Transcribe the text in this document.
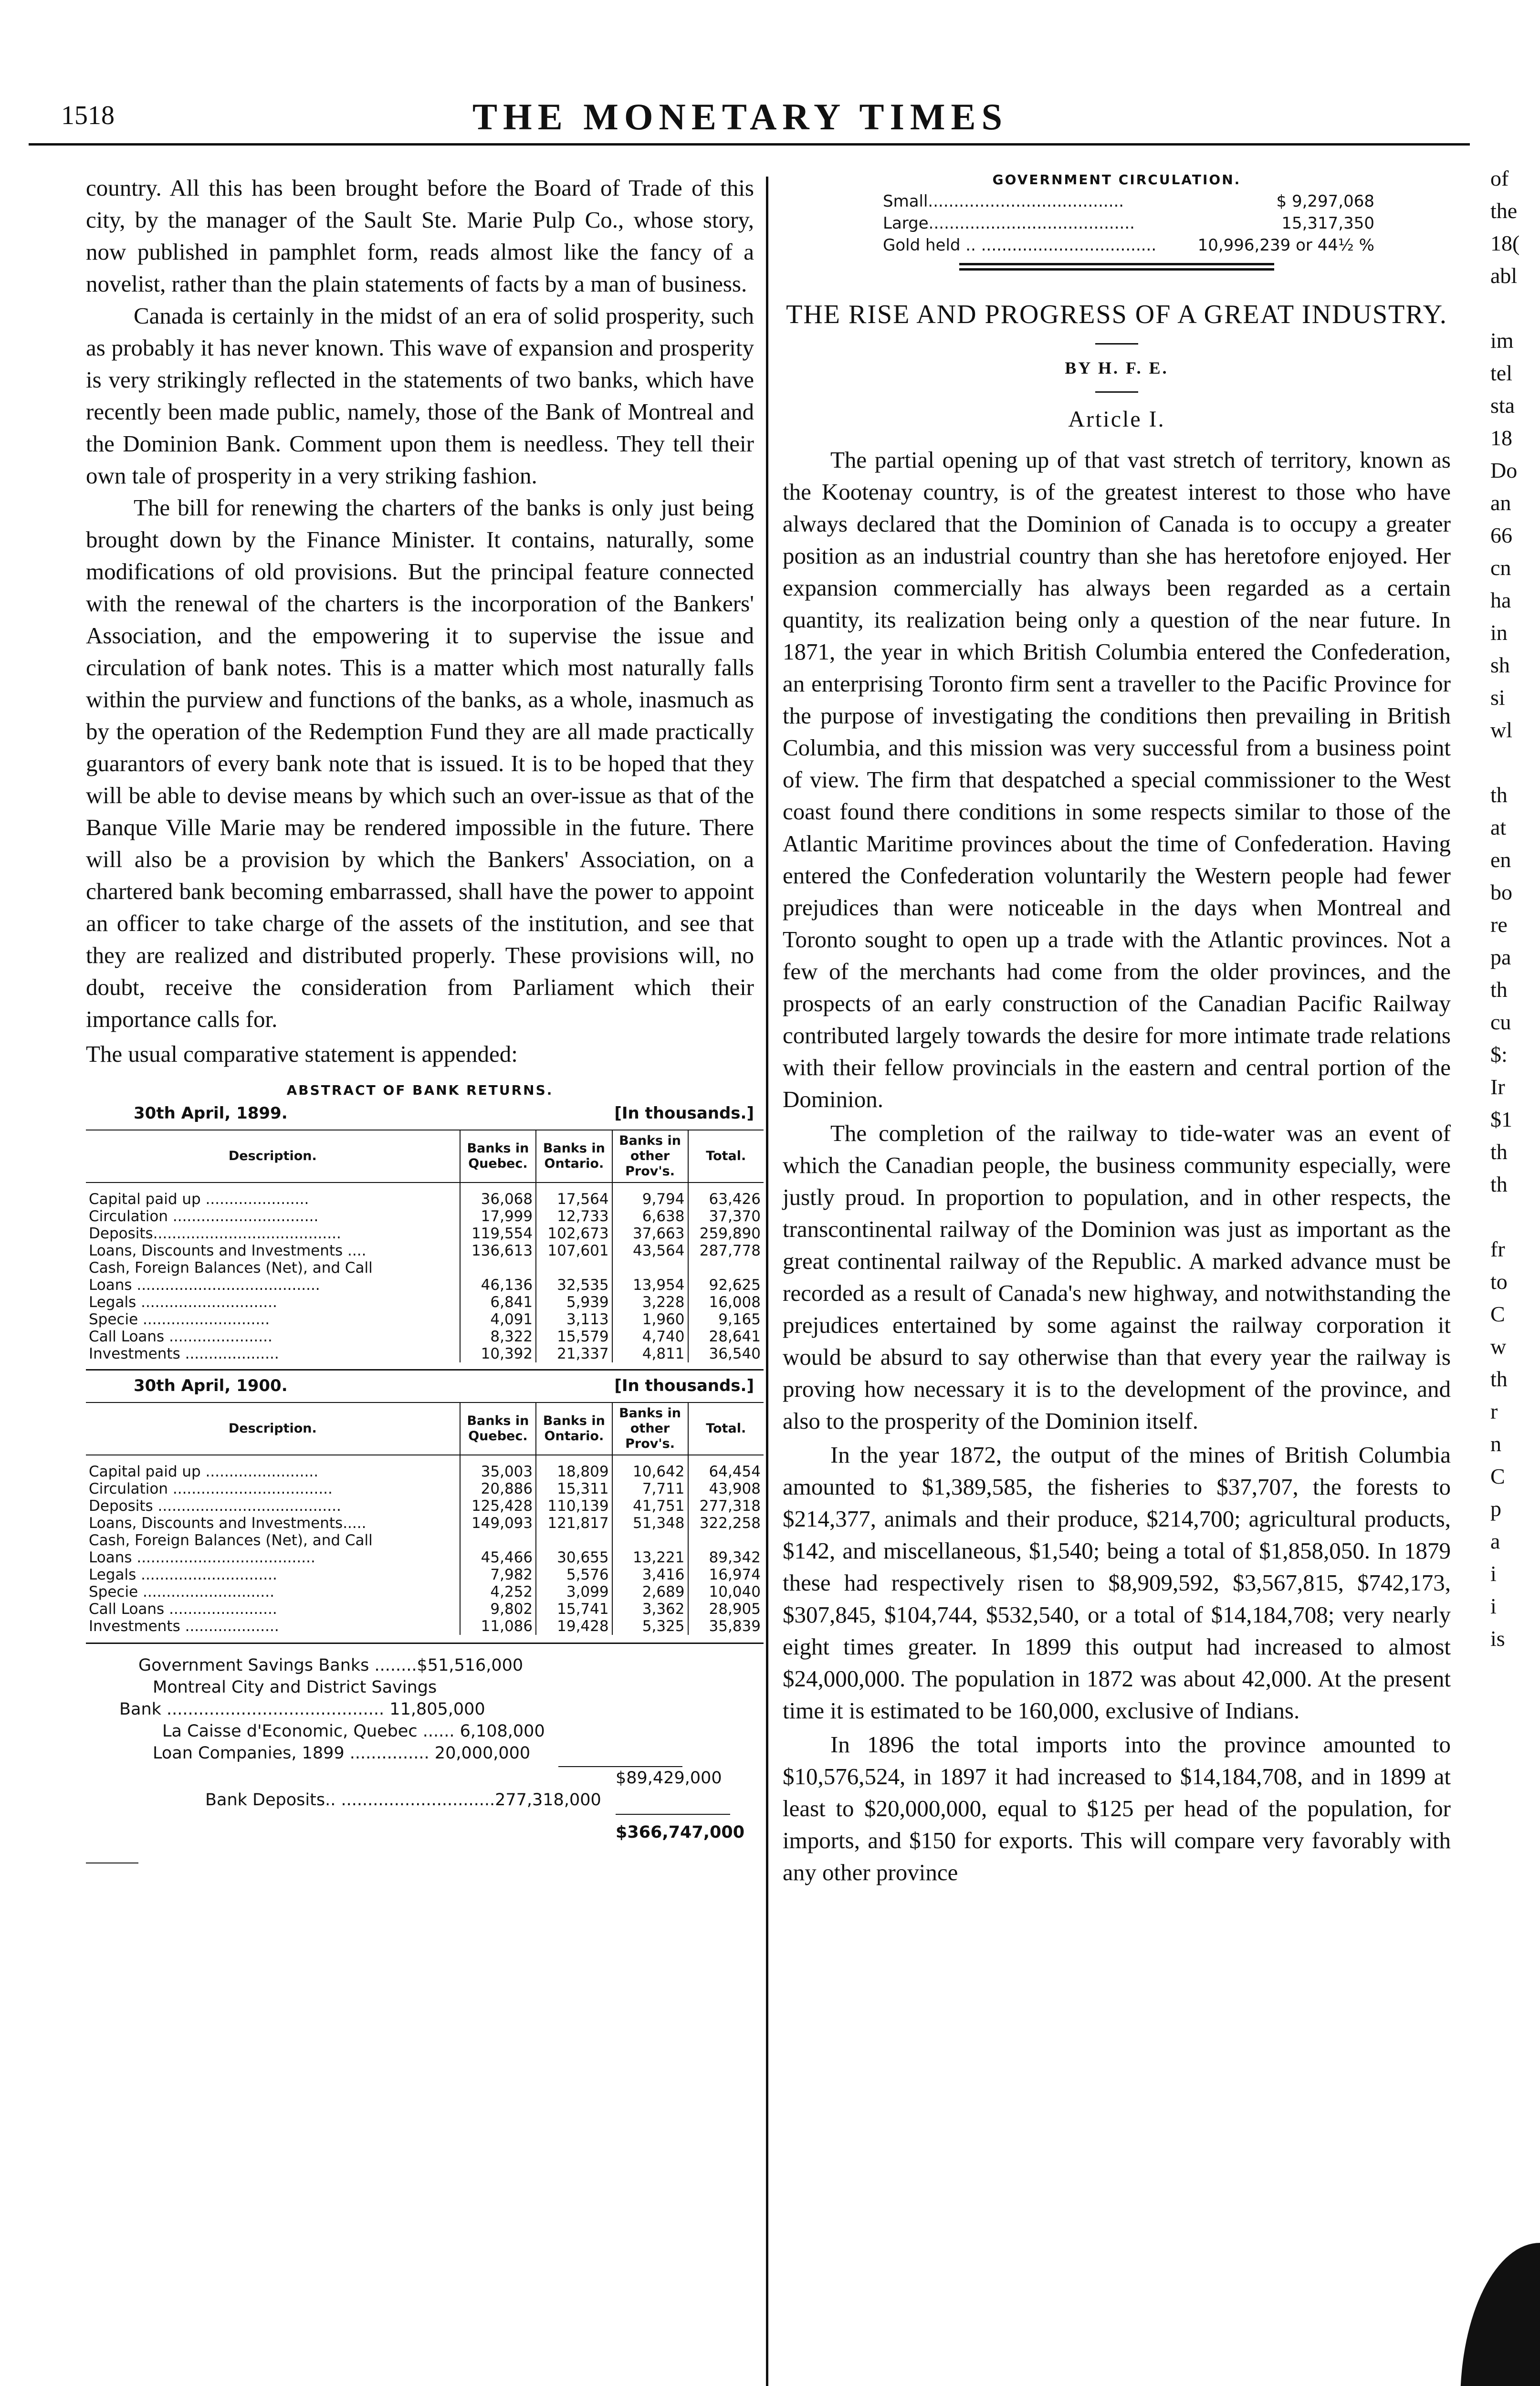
1518	THE MONETARY TIMES

country. All this has been brought before the Board of Trade of this city, by the manager of the Sault Ste. Marie Pulp Co., whose story, now published in pamphlet form, reads almost like the fancy of a novelist, rather than the plain statements of facts by a man of business.

Canada is certainly in the midst of an era of solid prosperity, such as probably it has never known. This wave of expansion and prosperity is very strikingly reflected in the statements of two banks, which have recently been made public, namely, those of the Bank of Montreal and the Dominion Bank. Comment upon them is needless. They tell their own tale of prosperity in a very striking fashion.

The bill for renewing the charters of the banks is only just being brought down by the Finance Minister. It contains, naturally, some modifications of old provisions. But the principal feature connected with the renewal of the charters is the incorporation of the Bankers' Association, and the empowering it to supervise the issue and circulation of bank notes. This is a matter which most naturally falls within the purview and functions of the banks, as a whole, inasmuch as by the operation of the Redemption Fund they are all made practically guarantors of every bank note that is issued. It is to be hoped that they will be able to devise means by which such an over-issue as that of the Banque Ville Marie may be rendered impossible in the future. There will also be a provision by which the Bankers' Association, on a chartered bank becoming embarrassed, shall have the power to appoint an officer to take charge of the assets of the institution, and see that they are realized and distributed properly. These provisions will, no doubt, receive the consideration from Parliament which their importance calls for.

The usual comparative statement is appended:

ABSTRACT OF BANK RETURNS.
30th April, 1899.	[In thousands.]
Description.	Banks in Quebec.	Banks in Ontario.	Banks in other Prov's.	Total.
Capital paid up ......................	36,068	17,564	9,794	63,426
Circulation ...............................	17,999	12,733	6,638	37,370
Deposits........................................	119,554	102,673	37,663	259,890
Loans, Discounts and Investments ....	136,613	107,601	43,564	287,778
Cash, Foreign Balances (Net), and Call				
Loans .......................................	46,136	32,535	13,954	92,625
Legals .............................	6,841	5,939	3,228	16,008
Specie ...........................	4,091	3,113	1,960	9,165
Call Loans ......................	8,322	15,579	4,740	28,641
Investments ....................	10,392	21,337	4,811	36,540
30th April, 1900.	[In thousands.]
Description.	Banks in Quebec.	Banks in Ontario.	Banks in other Prov's.	Total.
Capital paid up ........................	35,003	18,809	10,642	64,454
Circulation ..................................	20,886	15,311	7,711	43,908
Deposits .......................................	125,428	110,139	41,751	277,318
Loans, Discounts and Investments.....	149,093	121,817	51,348	322,258
Cash, Foreign Balances (Net), and Call				
Loans ......................................	45,466	30,655	13,221	89,342
Legals .............................	7,982	5,576	3,416	16,974
Specie ............................	4,252	3,099	2,689	10,040
Call Loans .......................	9,802	15,741	3,362	28,905
Investments ....................	11,086	19,428	5,325	35,839
Government Savings Banks ........$51,516,000
Montreal City and District Savings
Bank ......................................... 11,805,000
La Caisse d'Economic, Quebec ...... 6,108,000
Loan Companies, 1899 ............... 20,000,000
$89,429,000
Bank Deposits.. .............................277,318,000
$366,747,000
GOVERNMENT CIRCULATION.
Small......................................	$ 9,297,068
Large........................................	15,317,350
Gold held .. ..................................	10,996,239 or 44½ %
THE RISE AND PROGRESS OF A GREAT INDUSTRY.
BY H. F. E.
Article I.

The partial opening up of that vast stretch of territory, known as the Kootenay country, is of the greatest interest to those who have always declared that the Dominion of Canada is to occupy a greater position as an industrial country than she has heretofore enjoyed. Her expansion commercially has always been regarded as a certain quantity, its realization being only a question of the near future. In 1871, the year in which British Columbia entered the Confederation, an enterprising Toronto firm sent a traveller to the Pacific Province for the purpose of investigating the conditions then prevailing in British Columbia, and this mission was very successful from a business point of view. The firm that despatched a special commissioner to the West coast found there conditions in some respects similar to those of the Atlantic Maritime provinces about the time of Confederation. Having entered the Confederation voluntarily the Western people had fewer prejudices than were noticeable in the days when Montreal and Toronto sought to open up a trade with the Atlantic provinces. Not a few of the merchants had come from the older provinces, and the prospects of an early construction of the Canadian Pacific Railway contributed largely towards the desire for more intimate trade relations with their fellow provincials in the eastern and central portion of the Dominion.

The completion of the railway to tide-water was an event of which the Canadian people, the business community especially, were justly proud. In proportion to population, and in other respects, the transcontinental railway of the Dominion was just as important as the great continental railway of the Republic. A marked advance must be recorded as a result of Canada's new highway, and notwithstanding the prejudices entertained by some against the railway corporation it would be absurd to say otherwise than that every year the railway is proving how necessary it is to the development of the province, and also to the prosperity of the Dominion itself.

In the year 1872, the output of the mines of British Columbia amounted to $1,389,585, the fisheries to $37,707, the forests to $214,377, animals and their produce, $214,700; agricultural products, $142, and miscellaneous, $1,540; being a total of $1,858,050. In 1879 these had respectively risen to $8,909,592, $3,567,815, $742,173, $307,845, $104,744, $532,540, or a total of $14,184,708; very nearly eight times greater. In 1899 this output had increased to almost $24,000,000. The population in 1872 was about 42,000. At the present time it is estimated to be 160,000, exclusive of Indians.

In 1896 the total imports into the province amounted to $10,576,524, in 1897 it had increased to $14,184,708, and in 1899 at least to $20,000,000, equal to $125 per head of the population, for imports, and $150 for exports. This will compare very favorably with any other province

of
the
18(
abl

im
tel
sta
18
Do
an
66
cn
ha
in
sh
si
wl

th
at
en
bo
re
pa
th
cu
$:
Ir
$1
th
th

fr
to
C
w
th
r
n
C
p
a
i
i
is
